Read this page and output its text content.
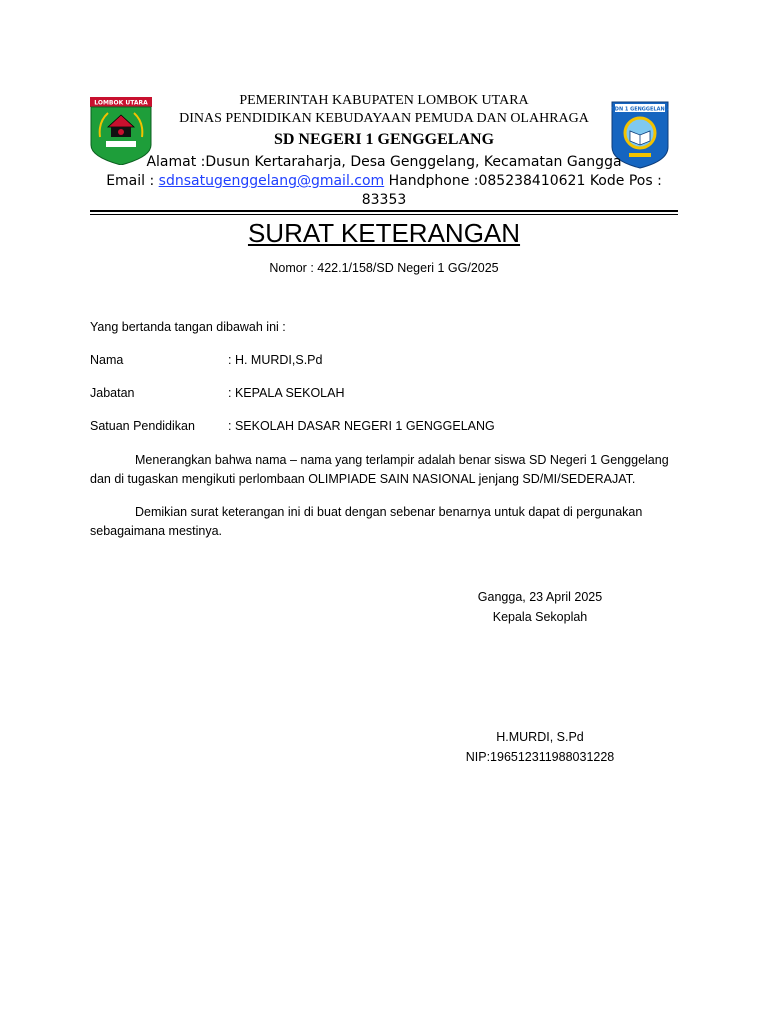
LOMBOK UTARA
SDN 1 GENGGELANG
PEMERINTAH KABUPATEN LOMBOK UTARA
DINAS PENDIDIKAN KEBUDAYAAN PEMUDA DAN OLAHRAGA
SD NEGERI 1 GENGGELANG
Alamat :Dusun Kertaraharja, Desa Genggelang, Kecamatan Gangga
Email : sdnsatugenggelang@gmail.com Handphone :085238410621 Kode Pos :
83353
SURAT KETERANGAN
Nomor : 422.1/158/SD Negeri 1 GG/2025
Yang bertanda tangan dibawah ini :
Nama	: H. MURDI,S.Pd
Jabatan	: KEPALA SEKOLAH
Satuan Pendidikan	: SEKOLAH DASAR NEGERI 1 GENGGELANG
Menerangkan bahwa nama – nama yang terlampir adalah benar siswa SD Negeri 1 Genggelang dan di tugaskan mengikuti perlombaan OLIMPIADE SAIN NASIONAL jenjang SD/MI/SEDERAJAT.
Demikian surat keterangan ini di buat dengan sebenar benarnya untuk dapat di pergunakan sebagaimana mestinya.
Gangga, 23 April 2025
Kepala Sekoplah
H.MURDI, S.Pd
NIP:196512311988031228
